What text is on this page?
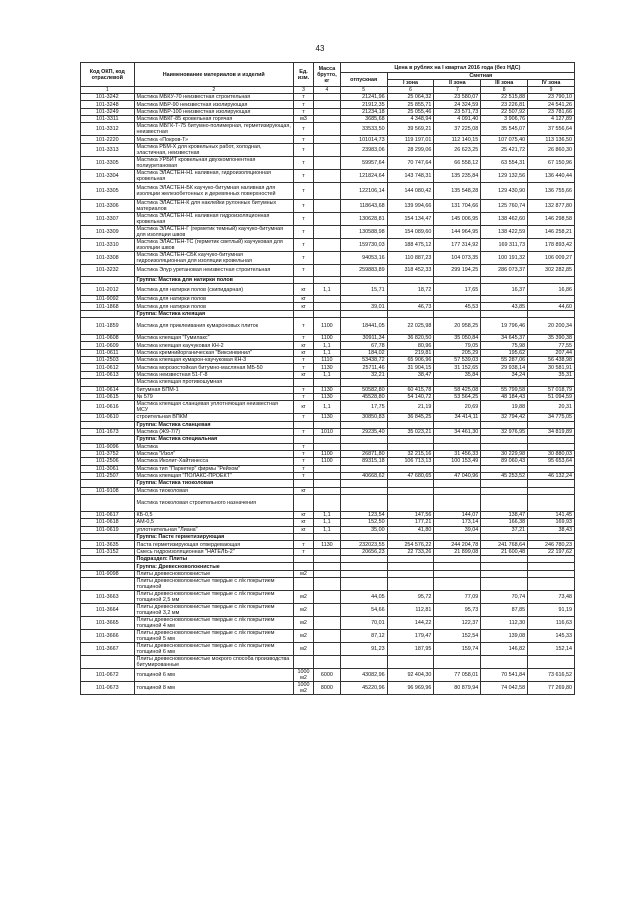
43
Код ОКП, код отраслевой	Наименование материалов и изделий	Ед. изм.	Масса брутто, кг	Цена в рублях на I квартал 2016 года (без НДС)				
				отпускная	Сметная			
					I зона	II зона	III зона	IV зона
1	2	3	4	5	6	7	8	9
101-3242	Мастика МБКУ-70 неизвестная строительная	т		21241,96	25 064,32	23 580,07	22 515,88	23 790,10
101-3248	Мастика МБР-90 неизвестная изолирующая	т		21912,35	25 855,71	24 324,59	23 226,81	24 541,26
101-3249	Мастика МБР-100 неизвестная изолирующая	т		21234,18	25 055,46	23 571,73	22 507,92	23 781,66
101-3311	Мастика МБКГ-85 кровельная горячая	м3		3685,68	4 348,94	4 091,40	3 906,76	4 127,89
101-3312	Мастика МБГК-Т-75 битумно-полимерная, герметизирующая, неизвестная	т		33533,50	39 569,21	37 225,08	35 545,07	37 556,64
101-2220	Мастика «Покров-Т»	т		101014,73	119 197,01	112 140,15	107 075,40	113 136,50
101-3313	Мастика РБМ-Х для кровельных работ, холодная, эластичная, неизвестная	т		23983,06	28 299,06	26 623,25	25 421,72	26 860,30
101-3305	Мастика УРБИТ кровельная двухкомпонентная полиуретановая	т		59957,64	70 747,64	66 558,12	63 554,31	67 150,96
101-3304	Мастика ЭЛАСТЕН-Н1 наливная, гидроизоляционная кровельная	т		121824,64	143 748,31	135 235,84	129 132,56	136 440,44
101-3305	Мастика ЭЛАСТЕН-БК каучуко-битумная наливная для изоляции железобетонных и деревянных поверхностей	т		122106,14	144 080,42	135 548,28	129 430,90	136 755,66
101-3306	Мастика ЭЛАСТЕН-К для наклейки рулонных битумных материалов	т		118643,68	139 994,66	131 704,66	125 760,74	132 877,80
101-3307	Мастика ЭЛАСТЕН-Н1 наливная гидроизоляционная кровельная	т		130628,81	154 134,47	145 006,95	138 462,60	146 298,58
101-3309	Мастика ЭЛАСТЕН-Г (герметик темный) каучуко-битумная для изоляции швов	т		130588,98	154 089,60	144 964,95	138 422,59	146 258,21
101-3310	Мастика ЭЛАСТЕН-ТС (герметик светлый) каучуковая для изоляции швов	т		159730,03	188 475,12	177 314,92	169 311,73	178 893,42
101-3308	Мастика ЭЛАСТЕН-СБК каучуко-битумная гидроизоляционная для изоляции кровельная	т		94053,16	110 887,23	104 073,35	100 191,32	106 009,27
101-3232	Мастика Элур уретановая неизвестная строительная	т		259883,89	318 452,33	299 194,25	286 073,37	302 282,85
	Группа: Мастика для натирки полов							
101-2012	Мастика для натирки полов (скипидарная)	кг	1,1	15,71	18,72	17,65	16,37	16,86
101-9092	Мастика для натирки полов	кг						
101-1868	Мастика для натирки полов	кг		39,01	46,73	45,53	43,85	44,60
	Группа: Мастика клеящая							
101-1859	Мастика для приклеивания кумароновых плиток	т	1100	18441,05	22 025,98	20 958,25	19 796,46	20 200,34
101-0608	Мастика клеящая "Гумилакс"	т	1100	30911,34	36 820,50	35 050,84	34 645,37	35 390,38
101-0609	Мастика клеящая каучуковая КН-2	кг	1,1	67,78	80,96	79,05	75,98	77,55
101-0611	Мастика кремнийорганическая "Виксинвинил"	кг	1,1	184,02	219,81	205,29	195,62	207,44
101-2503	Мастика клеящая кумарон-каучуковая КН-3	т	1110	53438,72	65 906,96	57 539,03	55 287,06	56 438,98
101-0612	Мастика морозостойкая битумно-масляная МБ-50	т	1130	25711,46	31 904,15	31 152,65	29 938,14	30 581,91
101-0613	Мастика неизвестная 51-Г-8	кг	1,1	32,21	38,47	35,84	34,24	35,31
	Мастика клеящая противошумная							
101-0614	битумная БПМ-1	т	1130	50582,80	60 415,78	58 425,08	55 799,58	57 018,79
101-0615	№ 579	т	1130	45528,80	54 140,72	53 564,25	48 184,43	51 094,59
101-0616	Мастика клеящая сланцевая уплотняющая неизвестная МСУ	кг	1,1	17,75	21,19	20,69	19,88	20,31
101-0610	строительная ВПКМ	т	1130	30850,83	36 845,25	34 414,11	32 794,42	34 775,05
	Группа: Мастика сланцевая							
101-1673	Мастика (Ж9-7/7)	т	1010	29235,40	35 023,21	34 461,30	32 976,95	34 819,89
	Группа: Мастика специальная							
101-9096	Мастика	т						
101-3752	Мастика "Изол"	т	1100	26871,80	32 215,16	31 456,33	30 229,98	30 880,03
101-2506	Мастика Иколит-Хайтинесса	т	1100	89315,18	106 713,13	100 153,49	89 060,43	95 653,64
101-3061	Мастика тип "Паркетер" фирмы "Рейхом"	т						
101-2507	Мастика клеящая "ПОЛАКС-ПРОЕКТ"	т		40668,62	47 680,65	47 040,96	45 253,52	46 132,24
	Группа: Мастика тиоколовая							
101-9108	Мастика тиоколовая	кг						
	Мастика тиоколовая строительного назначения							
101-0617	КБ-0,5	кг	1,1	123,54	147,56	144,07	138,47	141,45
101-0618	АМ-0,5	кг	1,1	152,50	177,21	173,14	166,38	169,93
101-0619	уплотнительная "Лиана"	кг	1,1	35,00	41,80	39,04	37,21	38,43
	Группа: Пасте герметизирующая							
101-3635	Паста герметизирующая отвердевающая	т	1130	232023,55	254 576,22	244 204,78	241 768,64	246 780,23
101-3152	Смесь гидроизоляционная "НАТЕЛЬ-2"	т		20656,23	22 733,26	21 899,08	21 600,48	22 197,62
	Подраздел: Плиты							
	Группа: Древесноволокнистые							
101-9098	Плиты древесноволокнистые	м2						
	Плиты древесноволокнистые твердые с л/к покрытием толщиной							
101-3663	Плиты древесноволокнистые твердые с л/к покрытием толщиной 2,5 мм	м2		44,05	95,72	77,09	70,74	73,48
101-3664	Плиты древесноволокнистые твердые с л/к покрытием толщиной 3,2 мм	м2		54,66	112,81	95,73	87,85	91,19
101-3665	Плиты древесноволокнистые твердые с л/к покрытием толщиной 4 мм	м2		70,01	144,22	122,37	112,30	116,63
101-3666	Плиты древесноволокнистые твердые с л/к покрытием толщиной 5 мм	м2		87,12	179,47	152,54	139,08	145,33
101-3667	Плиты древесноволокнистые твердые с л/к покрытием толщиной 6 мм	м2		91,23	187,95	159,74	146,82	152,14
	Плиты древесноволокнистые мокрого способа производства битумированные							
101-0672	толщиной 6 мм	1000 м2	6000	43082,96	92 404,30	77 058,01	70 541,84	73 616,52
101-0673	толщиной 8 мм	1000 м2	8000	45220,96	96 969,96	80 879,94	74 042,58	77 269,80
